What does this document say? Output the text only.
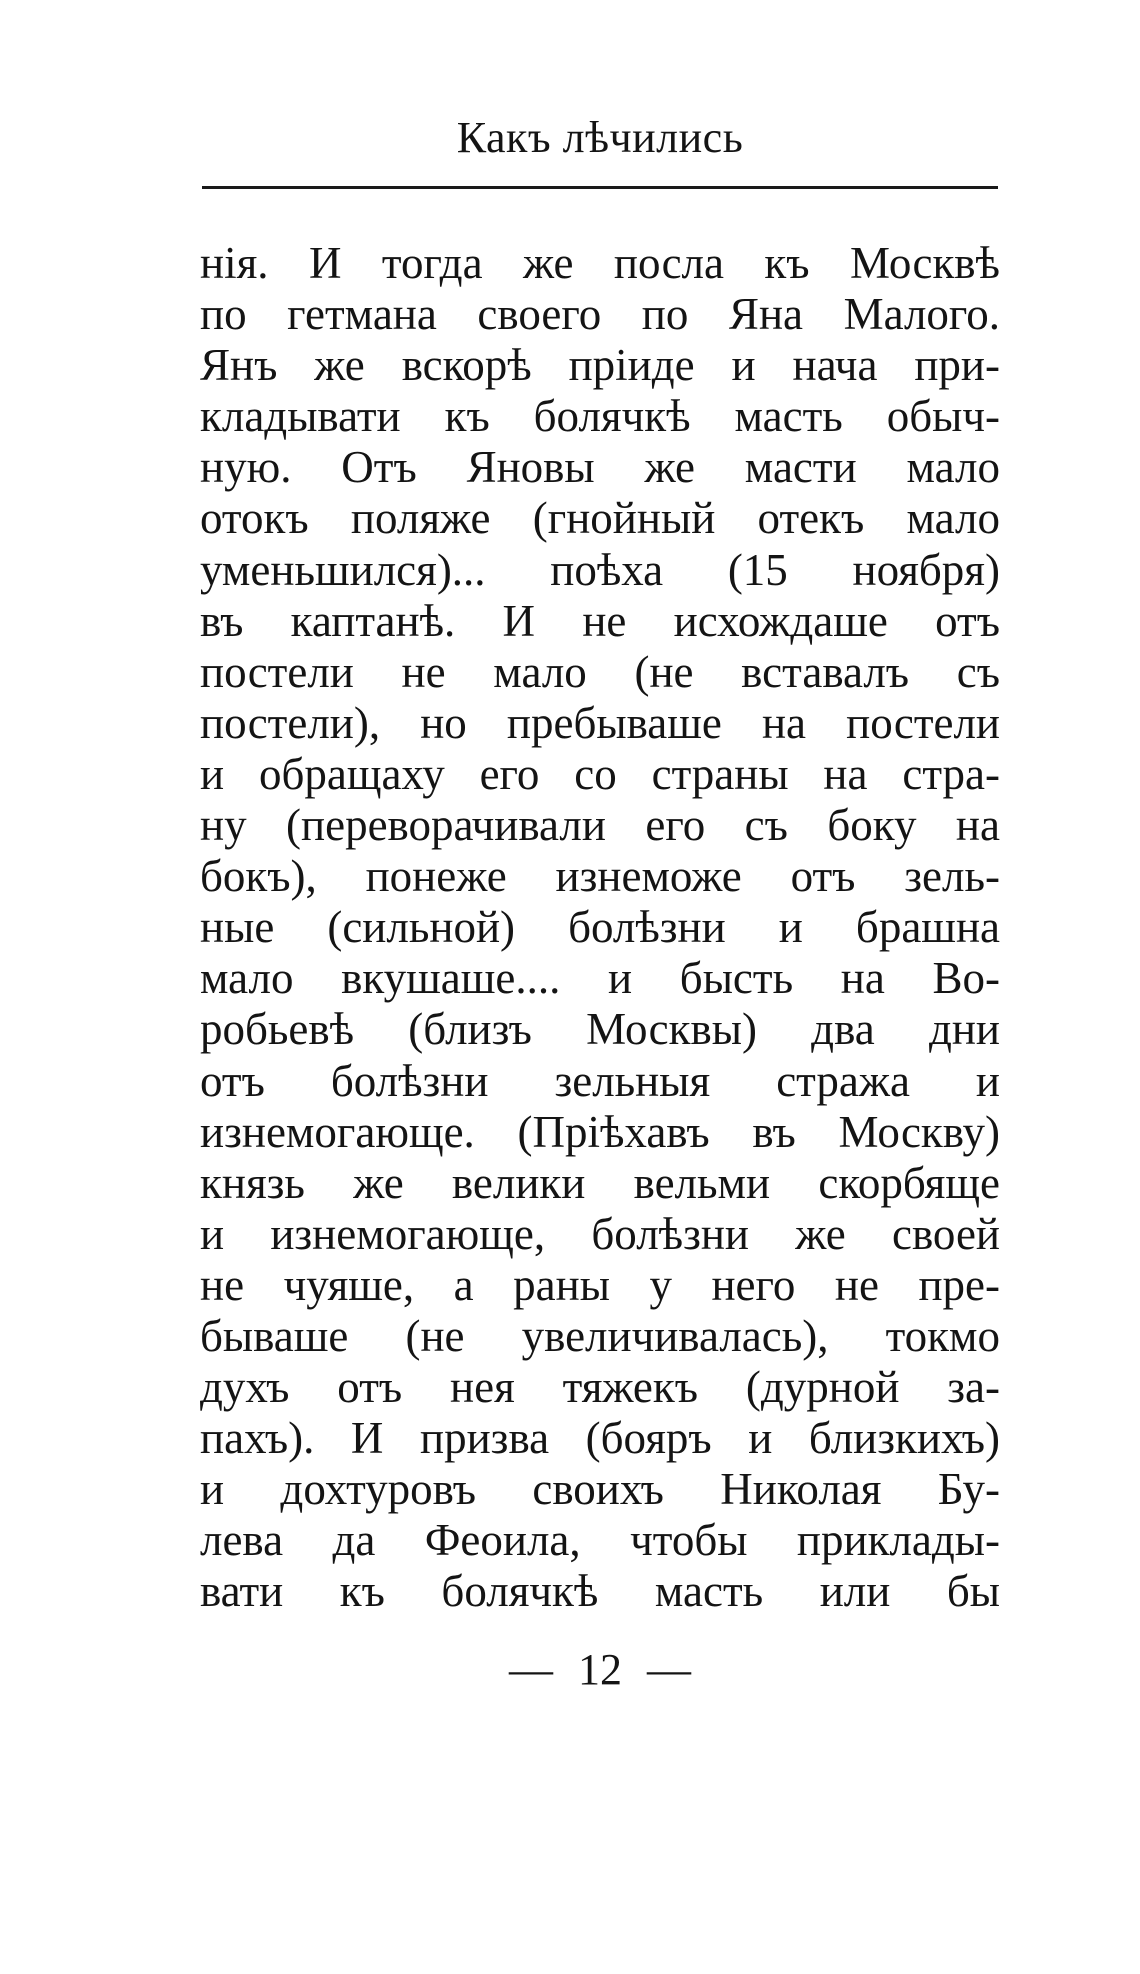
Какъ лѣчились
нія. И тогда же посла къ Москвѣ
по гетмана своего по Яна Малого.
Янъ же вскорѣ пріиде и нача при-
кладывати къ болячкѣ масть обыч-
ную. Отъ Яновы же масти мало
отокъ поляже (гнойный отекъ мало
уменьшился)... поѣха (15 ноября)
въ каптанѣ. И не исхождаше отъ
постели не мало (не вставалъ съ
постели), но пребываше на постели
и обращаху его со страны на стра-
ну (переворачивали его съ боку на
бокъ), понеже изнеможе отъ зель-
ные (сильной) болѣзни и брашна
мало вкушаше.... и бысть на Во-
робьевѣ (близъ Москвы) два дни
отъ болѣзни зельныя стража и
изнемогающе. (Пріѣхавъ въ Москву)
князь же велики вельми скорбяще
и изнемогающе, болѣзни же своей
не чуяше, а раны у него не пре-
бываше (не увеличивалась), токмо
духъ отъ нея тяжекъ (дурной за-
пахъ). И призва (бояръ и близкихъ)
и дохтуровъ своихъ Николая Бу-
лева да Феоила, чтобы приклады-
вати къ болячкѣ масть или бы
— 12 —
